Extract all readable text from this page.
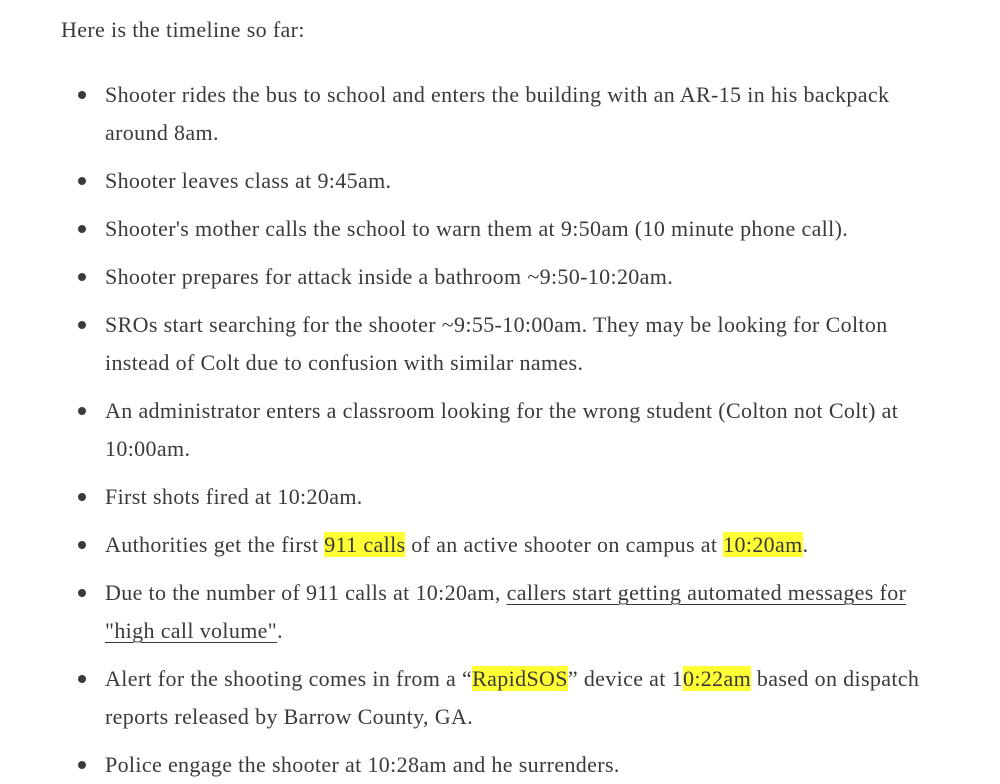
Here is the timeline so far:

Shooter rides the bus to school and enters the building with an AR-15 in his backpack around 8am.
Shooter leaves class at 9:45am.
Shooter's mother calls the school to warn them at 9:50am (10 minute phone call).
Shooter prepares for attack inside a bathroom ~9:50-10:20am.
SROs start searching for the shooter ~9:55-10:00am. They may be looking for Colton instead of Colt due to confusion with similar names.
An administrator enters a classroom looking for the wrong student (Colton not Colt) at 10:00am.
First shots fired at 10:20am.
Authorities get the first 911 calls of an active shooter on campus at 10:20am.
Due to the number of 911 calls at 10:20am, callers start getting automated messages for "high call volume".
Alert for the shooting comes in from a “RapidSOS” device at 10:22am based on dispatch reports released by Barrow County, GA.
Police engage the shooter at 10:28am and he surrenders.
